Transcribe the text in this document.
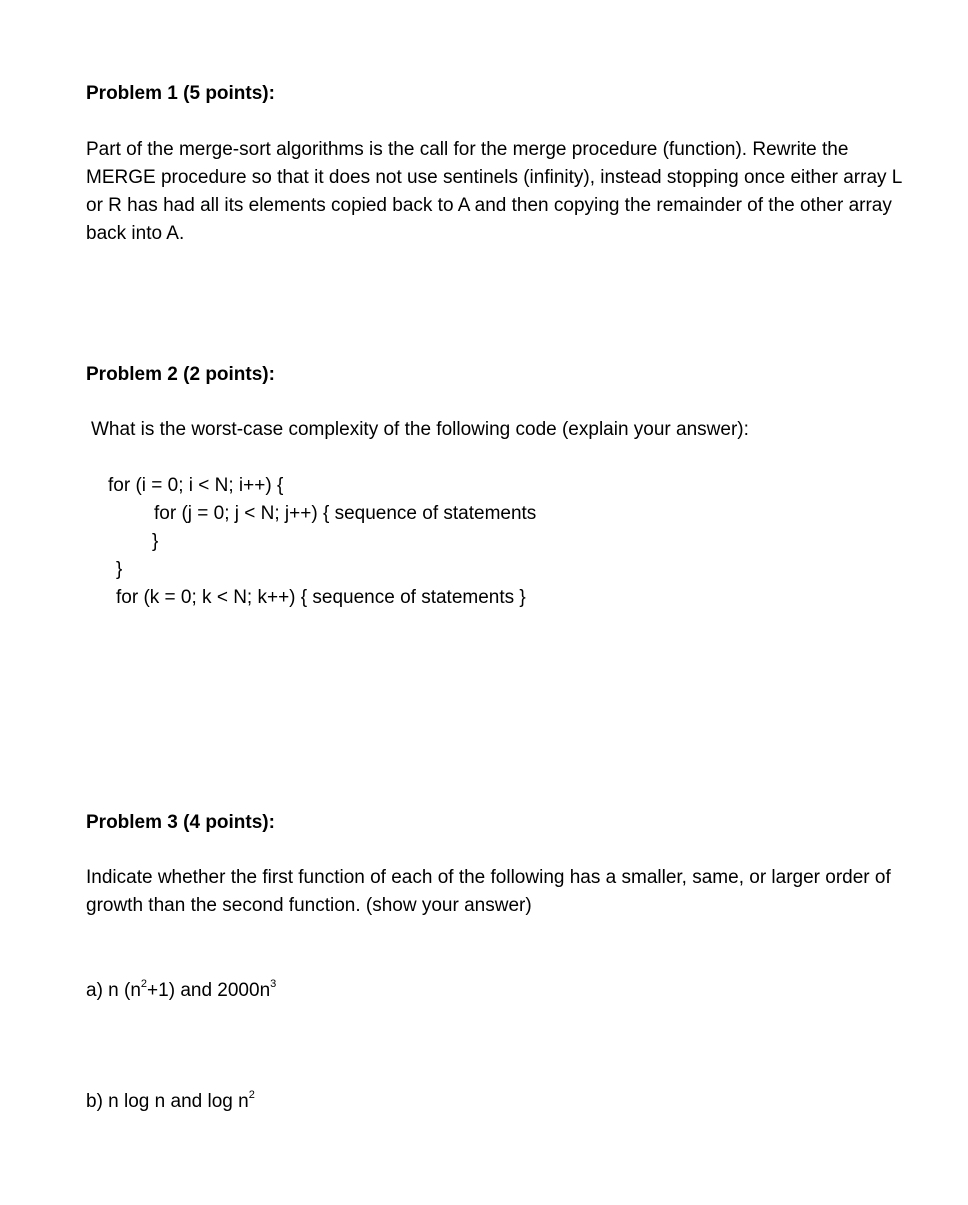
Problem 1 (5 points):

Part of the merge-sort algorithms is the call for the merge procedure (function). Rewrite the MERGE procedure so that it does not use sentinels (infinity), instead stopping once either array L or R has had all its elements copied back to A and then copying the remainder of the other array back into A.

Problem 2 (2 points):

What is the worst-case complexity of the following code (explain your answer):

for (i = 0; i < N; i++) {

for (j = 0; j < N; j++) { sequence of statements

}

}

for (k = 0; k < N; k++) { sequence of statements }

Problem 3 (4 points):

Indicate whether the first function of each of the following has a smaller, same, or larger order of growth than the second function. (show your answer)

a) n $(n^2+1)$ and $2000n^3$

b) n log n and $\log n^2$
